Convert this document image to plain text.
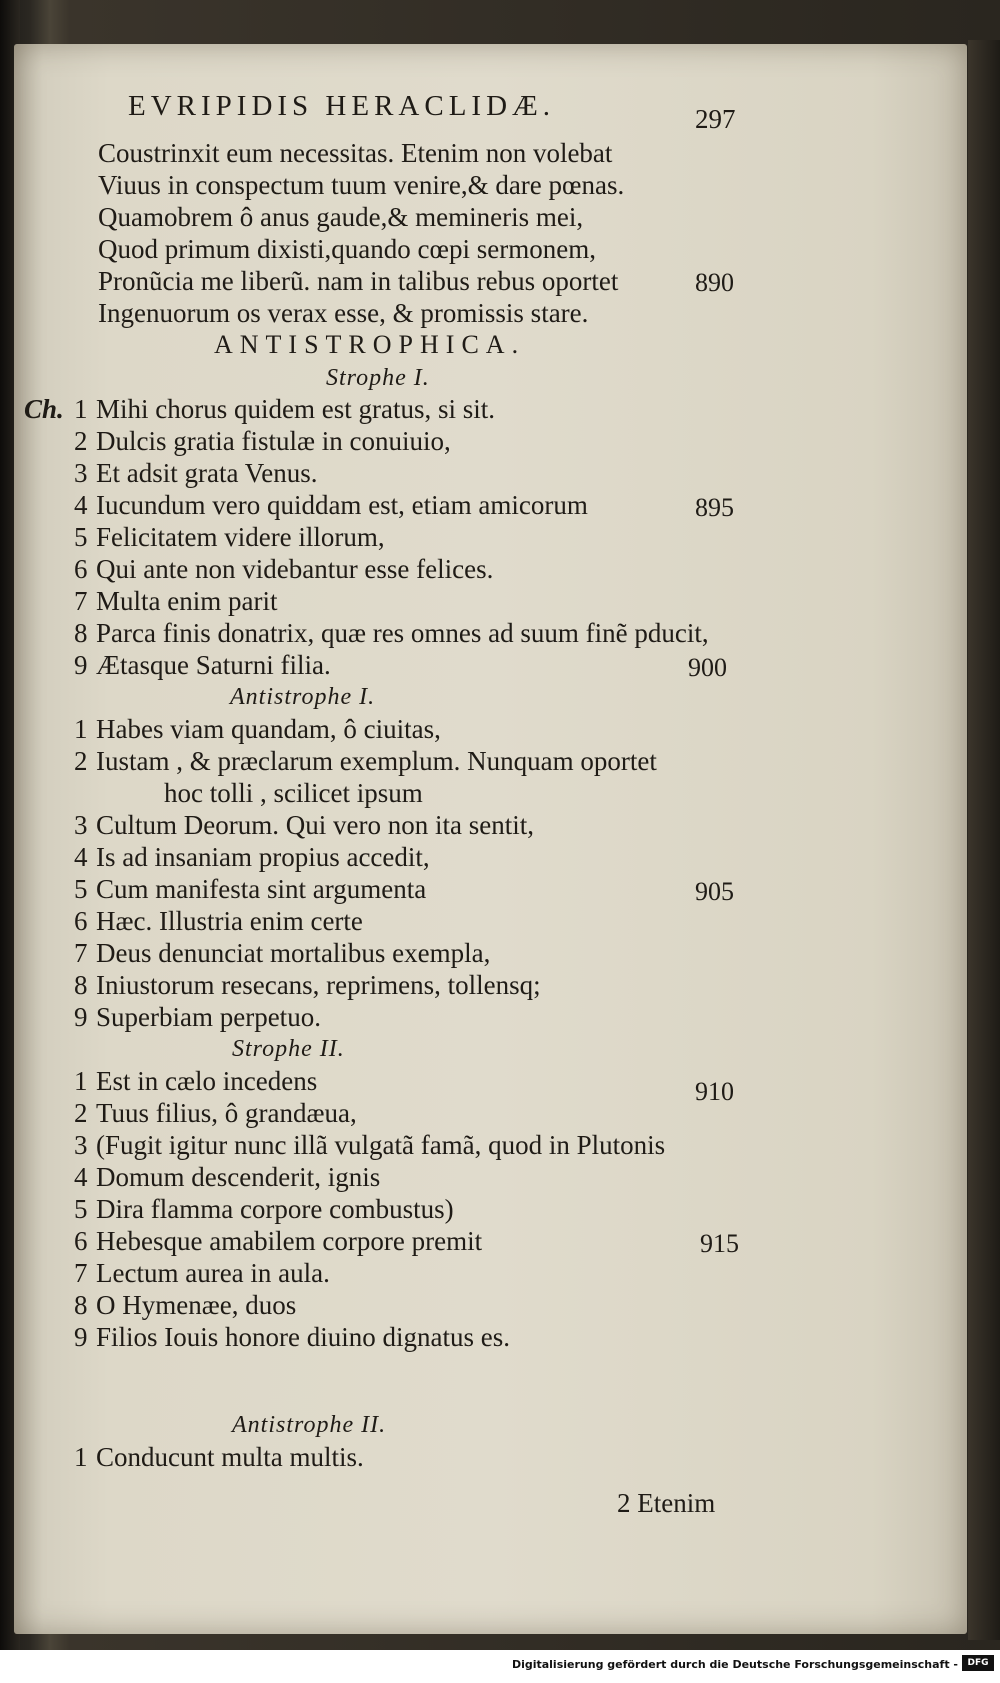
EVRIPIDIS HERACLIDÆ.	297
Coustrinxit eum necessitas. Etenim non volebat
Viuus in conspectum tuum venire,& dare pœnas.
Quamobrem ô anus gaude,& memineris mei,
Quod primum dixisti,quando cœpi sermonem,
Pronũcia me liberũ. nam in talibus rebus oportet	890
Ingenuorum os verax esse, & promissis stare.
ANTISTROPHICA.
Strophe I.
Ch. 1 Mihi chorus quidem est gratus, si sit.
2 Dulcis gratia fistulæ in conuiuio,
3 Et adsit grata Venus.
4 Iucundum vero quiddam est, etiam amicorum	895
5 Felicitatem videre illorum,
6 Qui ante non videbantur esse felices.
7 Multa enim parit
8 Parca finis donatrix, quæ res omnes ad suum finẽ pducit,
9 Ætasque Saturni filia.	900
Antistrophe I.
1 Habes viam quandam, ô ciuitas,
2 Iustam , & præclarum exemplum. Nunquam oportet
hoc tolli , scilicet ipsum
3 Cultum Deorum. Qui vero non ita sentit,
4 Is ad insaniam propius accedit,
5 Cum manifesta sint argumenta	905
6 Hæc. Illustria enim certe
7 Deus denunciat mortalibus exempla,
8 Iniustorum resecans, reprimens, tollensq;
9 Superbiam perpetuo.
Strophe II.
1 Est in cælo incedens	910
2 Tuus filius, ô grandæua,
3 (Fugit igitur nunc illã vulgatã famã, quod in Plutonis
4 Domum descenderit, ignis
5 Dira flamma corpore combustus)
6 Hebesque amabilem corpore premit	915
7 Lectum aurea in aula.
8 O Hymenæe, duos
9 Filios Iouis honore diuino dignatus es.
Antistrophe II.
1 Conducunt multa multis.
2 Etenim
Digitalisierung gefördert durch die Deutsche Forschungsgemeinschaft -	DFG
